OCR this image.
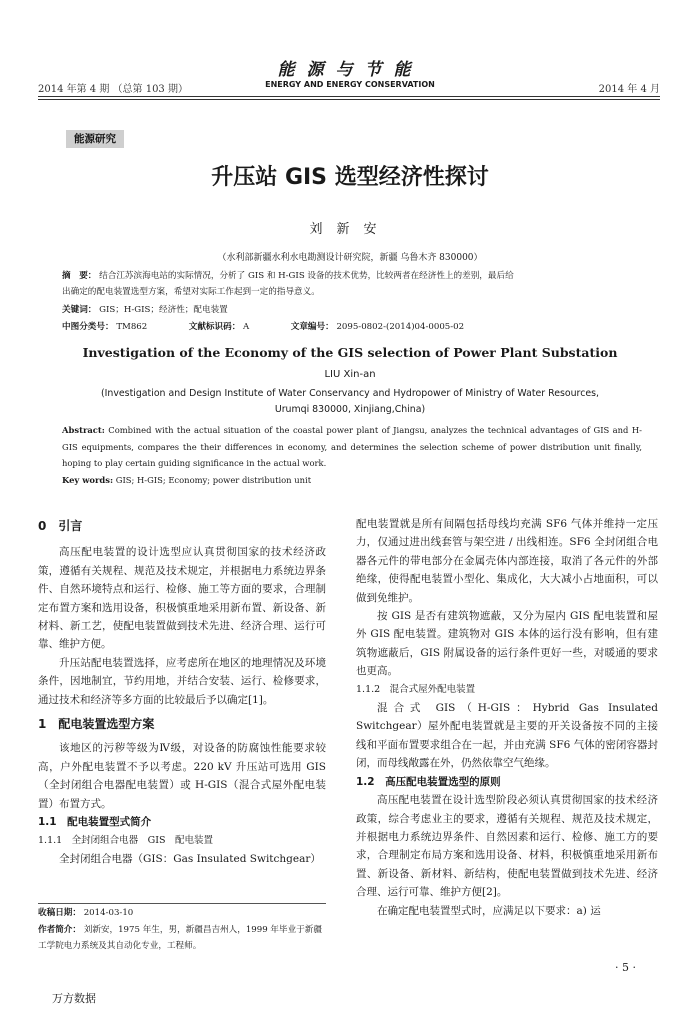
2014 年第 4 期 （总第 103 期）
能源与节能
ENERGY AND ENERGY CONSERVATION	2014 年 4 月
能源研究
升压站 GIS 选型经济性探讨
刘新安
（水利部新疆水利水电勘测设计研究院，新疆 乌鲁木齐 830000）
摘　要： 结合江苏滨海电站的实际情况，分析了 GIS 和 H-GIS 设备的技术优势，比较两者在经济性上的差别，最后给
出确定的配电装置选型方案，希望对实际工作起到一定的指导意义。
关键词： GIS；H-GIS；经济性；配电装置
中图分类号： TM862	文献标识码： A	文章编号： 2095-0802-(2014)04-0005-02
Investigation of the Economy of the GIS selection of Power Plant Substation
LIU Xin-an
(Investigation and Design Institute of Water Conservancy and Hydropower of Ministry of Water Resources,
Urumqi 830000, Xinjiang,China)
Abstract: Combined with the actual situation of the coastal power plant of Jiangsu, analyzes the technical advantages of GIS and H-GIS equipments, compares the their differences in economy, and determines the selection scheme of power distribution unit finally, hoping to play certain guiding significance in the actual work.
Key words: GIS; H-GIS; Economy; power distribution unit
0　引言

高压配电装置的设计选型应认真贯彻国家的技术经济政策，遵循有关规程、规范及技术规定，并根据电力系统边界条件、自然环境特点和运行、检修、施工等方面的要求，合理制定布置方案和选用设备，积极慎重地采用新布置、新设备、新材料、新工艺，使配电装置做到技术先进、经济合理、运行可靠、维护方便。

升压站配电装置选择，应考虑所在地区的地理情况及环境条件，因地制宜，节约用地，并结合安装、运行、检修要求，通过技术和经济等多方面的比较最后予以确定[1]。

1　配电装置选型方案

该地区的污秽等级为Ⅳ级，对设备的防腐蚀性能要求较高，户外配电装置不予以考虑。220 kV 升压站可选用 GIS（全封闭组合电器配电装置）或 H-GIS（混合式屋外配电装置）布置方式。

1.1　配电装置型式简介
1.1.1　全封闭组合电器　GIS　配电装置

全封闭组合电器（GIS：Gas Insulated Switchgear）

收稿日期： 2014-03-10
作者简介： 刘新安，1975 年生，男，新疆昌吉州人，1999 年毕业于新疆工学院电力系统及其自动化专业，工程师。

配电装置就是所有间隔包括母线均充满 SF6 气体并维持一定压力，仅通过进出线套管与架空进 / 出线相连。SF6 全封闭组合电器各元件的带电部分在金属壳体内部连接，取消了各元件的外部绝缘，使得配电装置小型化、集成化，大大减小占地面积，可以做到免维护。

按 GIS 是否有建筑物遮蔽，又分为屋内 GIS 配电装置和屋外 GIS 配电装置。建筑物对 GIS 本体的运行没有影响，但有建筑物遮蔽后，GIS 附属设备的运行条件更好一些，对暖通的要求也更高。

1.1.2　混合式屋外配电装置

混合式 GIS（H-GIS：Hybrid Gas Insulated Switchgear）屋外配电装置就是主要的开关设备按不同的主接线和平面布置要求组合在一起，并由充满 SF6 气体的密闭容器封闭，而母线敞露在外，仍然依靠空气绝缘。

1.2　高压配电装置选型的原则

高压配电装置在设计选型阶段必须认真贯彻国家的技术经济政策，综合考虑业主的要求，遵循有关规程、规范及技术规定，并根据电力系统边界条件、自然因素和运行、检修、施工方的要求，合理制定布局方案和选用设备、材料，积极慎重地采用新布置、新设备、新材料、新结构，使配电装置做到技术先进、经济合理、运行可靠、维护方便[2]。

在确定配电装置型式时，应满足以下要求：a) 运

· 5 ·
万方数据
